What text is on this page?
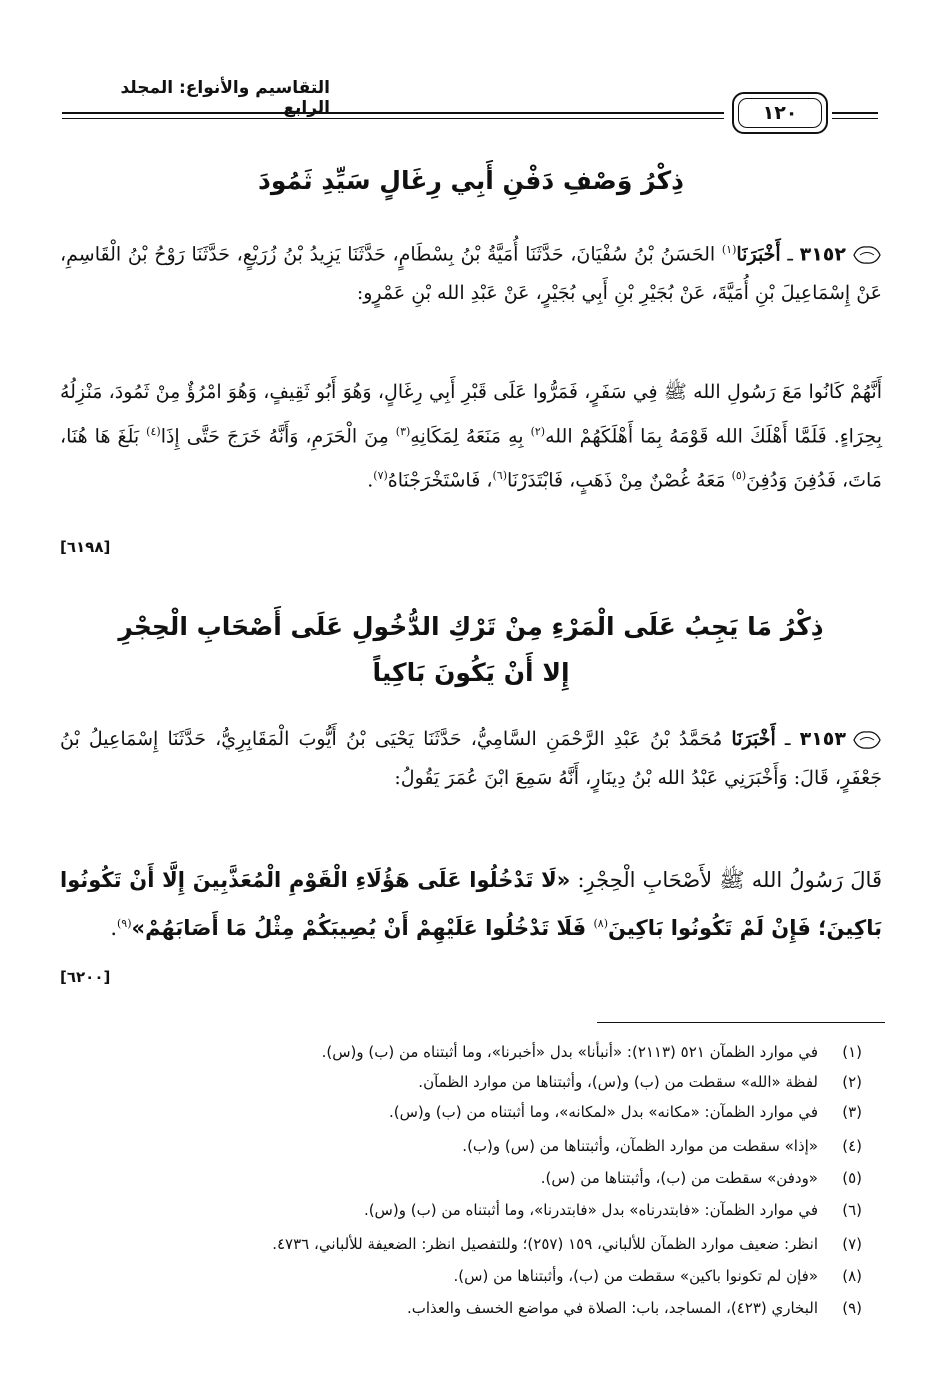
التقاسيم والأنواع: المجلد الرابع	١٢٠
ذِكْرُ وَصْفِ دَفْنِ أَبِي رِغَالٍ سَيِّدِ ثَمُودَ
٣١٥٢ ـ أَخْبَرَنَا$^{(١)}$ الحَسَنُ بْنُ سُفْيَانَ، حَدَّثَنَا أُمَيَّةُ بْنُ بِسْطَامٍ، حَدَّثَنَا يَزِيدُ بْنُ زُرَيْعٍ، حَدَّثَنَا رَوْحُ بْنُ الْقَاسِمِ، عَنْ إِسْمَاعِيلَ بْنِ أُمَيَّةَ، عَنْ بُجَيْرِ بْنِ أَبِي بُجَيْرٍ، عَنْ عَبْدِ الله بْنِ عَمْرٍو:
أَنَّهُمْ كَانُوا مَعَ رَسُولِ الله ﷺ فِي سَفَرٍ، فَمَرُّوا عَلَى قَبْرِ أَبِي رِغَالٍ، وَهُوَ أَبُو ثَقِيفٍ، وَهُوَ امْرُؤٌ مِنْ ثَمُودَ، مَنْزِلُهُ بِحِرَاءٍ. فَلَمَّا أَهْلَكَ الله قَوْمَهُ بِمَا أَهْلَكَهُمْ الله$^{(٢)}$ بِهِ مَنَعَهُ لِمَكَانِهِ$^{(٣)}$ مِنَ الْحَرَمِ، وَأَنَّهُ خَرَجَ حَتَّى إِذَا$^{(٤)}$ بَلَغَ هَا هُنَا، مَاتَ، فَدُفِنَ وَدُفِنَ$^{(٥)}$ مَعَهُ غُصْنٌ مِنْ ذَهَبٍ، فَابْتَدَرْنَا$^{(٦)}$، فَاسْتَخْرَجْنَاهُ$^{(٧)}$.
[٦١٩٨]
ذِكْرُ مَا يَجِبُ عَلَى الْمَرْءِ مِنْ تَرْكِ الدُّخُولِ عَلَى أَصْحَابِ الْحِجْرِ
إِلا أَنْ يَكُونَ بَاكِياً
٣١٥٣ ـ أَخْبَرَنَا مُحَمَّدُ بْنُ عَبْدِ الرَّحْمَنِ السَّامِيُّ، حَدَّثَنَا يَحْيَى بْنُ أَيُّوبَ الْمَقَابِرِيُّ، حَدَّثَنَا إِسْمَاعِيلُ بْنُ جَعْفَرٍ، قَالَ: وَأَخْبَرَنِي عَبْدُ الله بْنُ دِينَارٍ، أَنَّهُ سَمِعَ ابْنَ عُمَرَ يَقُولُ:
قَالَ رَسُولُ الله ﷺ لأَصْحَابِ الْحِجْرِ: «لَا تَدْخُلُوا عَلَى هَؤُلَاءِ الْقَوْمِ الْمُعَذَّبِينَ إِلَّا أَنْ تَكُونُوا بَاكِينَ؛ فَإِنْ لَمْ تَكُونُوا بَاكِينَ$^{(٨)}$ فَلَا تَدْخُلُوا عَلَيْهِمْ أَنْ يُصِيبَكُمْ مِثْلُ مَا أَصَابَهُمْ»$^{(٩)}$.
[٦٢٠٠]
(١)في موارد الظمآن ٥٢١ (٢١١٣): «أنبأنا» بدل «أخبرنا»، وما أثبتناه من (ب) و(س).
(٢)لفظة «الله» سقطت من (ب) و(س)، وأثبتناها من موارد الظمآن.
(٣)في موارد الظمآن: «مكانه» بدل «لمكانه»، وما أثبتناه من (ب) و(س).
(٤)«إذا» سقطت من موارد الظمآن، وأثبتناها من (س) و(ب).
(٥)«ودفن» سقطت من (ب)، وأثبتناها من (س).
(٦)في موارد الظمآن: «فابتدرناه» بدل «فابتدرنا»، وما أثبتناه من (ب) و(س).
(٧)انظر: ضعيف موارد الظمآن للألباني، ١٥٩ (٢٥٧)؛ وللتفصيل انظر: الضعيفة للألباني، ٤٧٣٦.
(٨)«فإن لم تكونوا باكين» سقطت من (ب)، وأثبتناها من (س).
(٩)البخاري (٤٢٣)، المساجد، باب: الصلاة في مواضع الخسف والعذاب.
